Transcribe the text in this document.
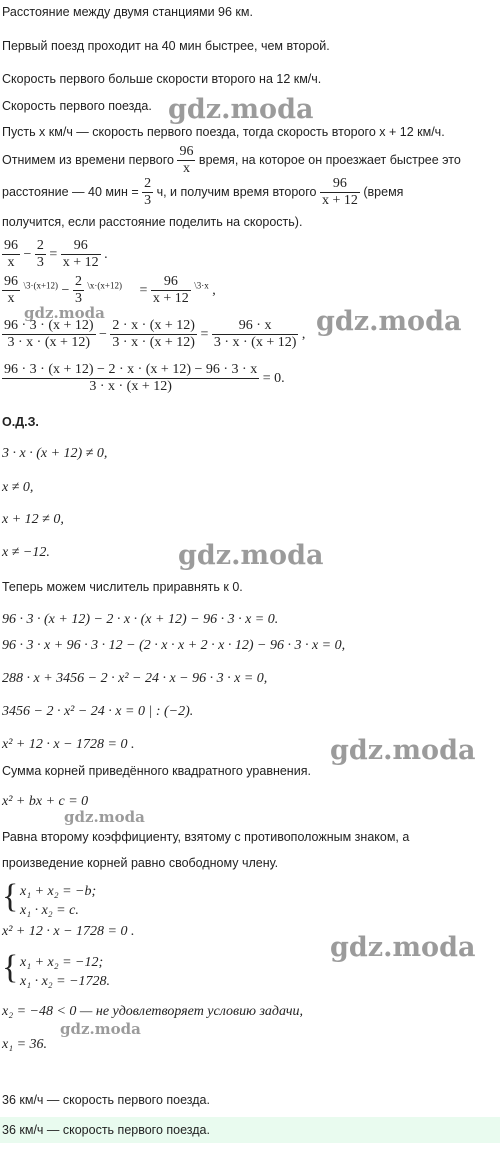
Расстояние между двумя станциями 96 км.
Первый поезд проходит на 40 мин быстрее, чем второй.
Скорость первого больше скорости второго на 12 км/ч.
Скорость первого поезда.
Пусть x км/ч — скорость первого поезда, тогда скорость второго x + 12 км/ч.
Отнимем из времени первого $\frac{96}{x}$ время, на которое он проезжает быстрее это
расстояние — 40 мин = $\frac{2}{3} ч$, и получим время второго $\frac{96}{x + 12}$ (время
получится, если расстояние поделить на скорость).
$\frac{96}{x} - \frac{2}{3} = \frac{96}{x + 12}$ .
$\frac{96}{x} ^{\backslash 3\cdot(x+12)} - \frac{2}{3} ^{\backslash x\cdot(x+12)} = \frac{96}{x + 12} ^{\backslash 3\cdot x}$ ,
$\frac{96 \cdot 3 \cdot (x + 12)}{3 \cdot x \cdot (x + 12)} - \frac{2 \cdot x \cdot (x + 12)}{3 \cdot x \cdot (x + 12)} = \frac{96 \cdot x}{3 \cdot x \cdot (x + 12)}$ ,
$\frac{96 \cdot 3 \cdot (x + 12) - 2 \cdot x \cdot (x + 12) - 96 \cdot 3 \cdot x}{3 \cdot x \cdot (x + 12)} = 0$.
О.Д.З.
3 · x · (x + 12) ≠ 0,
x ≠ 0,
x + 12 ≠ 0,
x ≠ −12.
Теперь можем числитель приравнять к 0.
96 · 3 · (x + 12) − 2 · x · (x + 12) − 96 · 3 · x = 0.
96 · 3 · x + 96 · 3 · 12 − (2 · x · x + 2 · x · 12) − 96 · 3 · x = 0,
288 · x + 3456 − 2 · x² − 24 · x − 96 · 3 · x = 0,
3456 − 2 · x² − 24 · x = 0 | : (−2).
x² + 12 · x − 1728 = 0 .
Сумма корней приведённого квадратного уравнения.
x² + bx + c = 0
Равна второму коэффициенту, взятому с противоположным знаком, а
произведение корней равно свободному члену.
{ x₁ + x₂ = −b;
x₁ · x₂ = c.
x² + 12 · x − 1728 = 0 .
{ x₁ + x₂ = −12;
x₁ · x₂ = −1728.
x₂ = −48 < 0 — не удовлетворяет условию задачи,
x₁ = 36.
36 км/ч — скорость первого поезда.
36 км/ч — скорость первого поезда.
gdz.moda
gdz.moda	gdz.moda
gdz.moda
gdz.moda
gdz.moda
gdz.moda
gdz.moda
